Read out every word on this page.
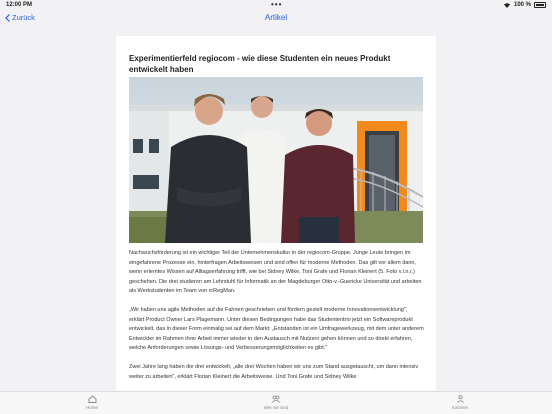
12:00 PM	•••	100 %
Zurück	Artikel
Experimentierfeld regiocom - wie diese Studenten ein neues Produkt entwickelt haben

Nachwuchsförderung ist ein wichtiger Teil der Unternehmenskultur in der regiocom-Gruppe. Junge Leute bringen im eingefahrene Prozesse ein, hinterfragen Arbeitsweisen und sind offen für moderne Methoden. Das gilt vor allem dann, wenn erlerntes Wissen auf Alltagserfahrung trifft, wie bei Sidney Wilke, Toni Grafe und Florian Kleinert (5. Foto v.l.n.r.) geschehen. Die drei studieren am Lehrstuhl für Informatik an der Magdeburger Otto-v.-Guericke Universität und arbeiten als Werkstudenten im Team von rcRegMan.

„Wir haben uns agile Methoden auf die Fahnen geschrieben und fördern gezielt moderne Innovationsentwicklung", erklärt Product Owner Lars Plagemann. Unter diesen Bedingungen habe das Studententrio jetzt ein Softwareprodukt entwickelt, das in dieser Form einmalig sei auf dem Markt: „Entstanden ist ein Umfragewerkzeug, mit dem unter anderem Entwickler im Rahmen ihrer Arbeit immer wieder in den Austausch mit Nutzern gehen können und so direkt erfahren, welche Anforderungen sowie Lösungs- und Verbesserungsmöglichkeiten es gibt."

Zwei Jahre lang haben die drei entwickelt, „alle drei Wochen haben wir uns zum Stand ausgetauscht, um dann intensiv weiter zu arbeiten", erklärt Florian Kleinert die Arbeitsweise. Und Toni Grafe und Sidney Wilke

Home	Wer wir sind	Karriere
